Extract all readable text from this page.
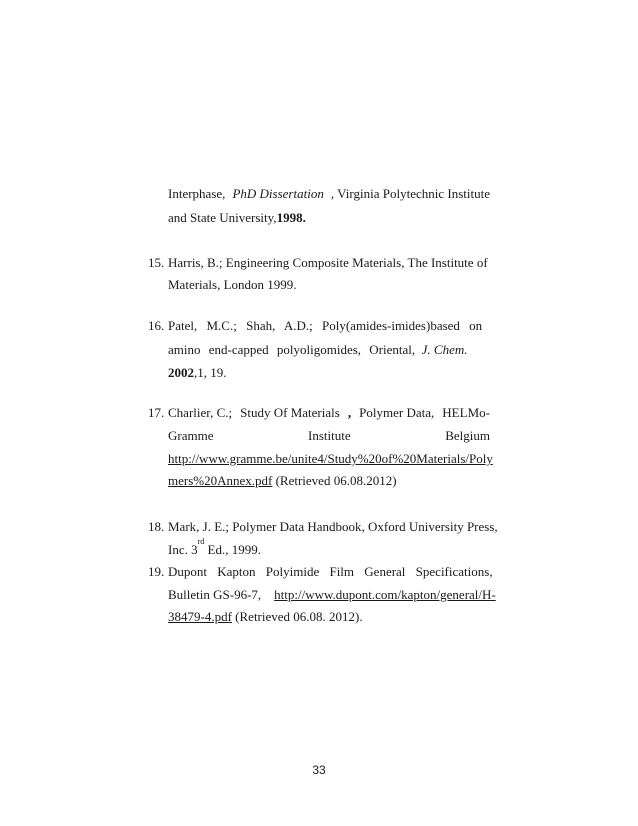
Interphase, PhD Dissertation , Virginia Polytechnic Institute
and State University, 1998.
15. Harris, B.; Engineering Composite Materials, The Institute of
Materials, London 1999.
16. Patel, M.C.; Shah, A.D.; Poly(amides-imides)based on
amino end-capped polyoligomides, Oriental,
J. Chem.
2002 ,1, 19.
17. Charlier, C.; Study Of Materials , Polymer Data, HELMo-
Gramme	Institute	Belgium
http://www.gramme.be/unite4/Study%20of%20Materials/Poly
mers%20Annex.pdf (Retrieved 06.08.2012)
18. Mark, J. E.; Polymer Data Handbook, Oxford University Press,
Inc. 3
rd
Ed., 1999.
19. Dupont Kapton Polyimide Film General Specifications,
Bulletin GS-96-7,
http://www.dupont.com/kapton/general/H-
38479-4.pdf (Retrieved 06.08. 2012).
33
